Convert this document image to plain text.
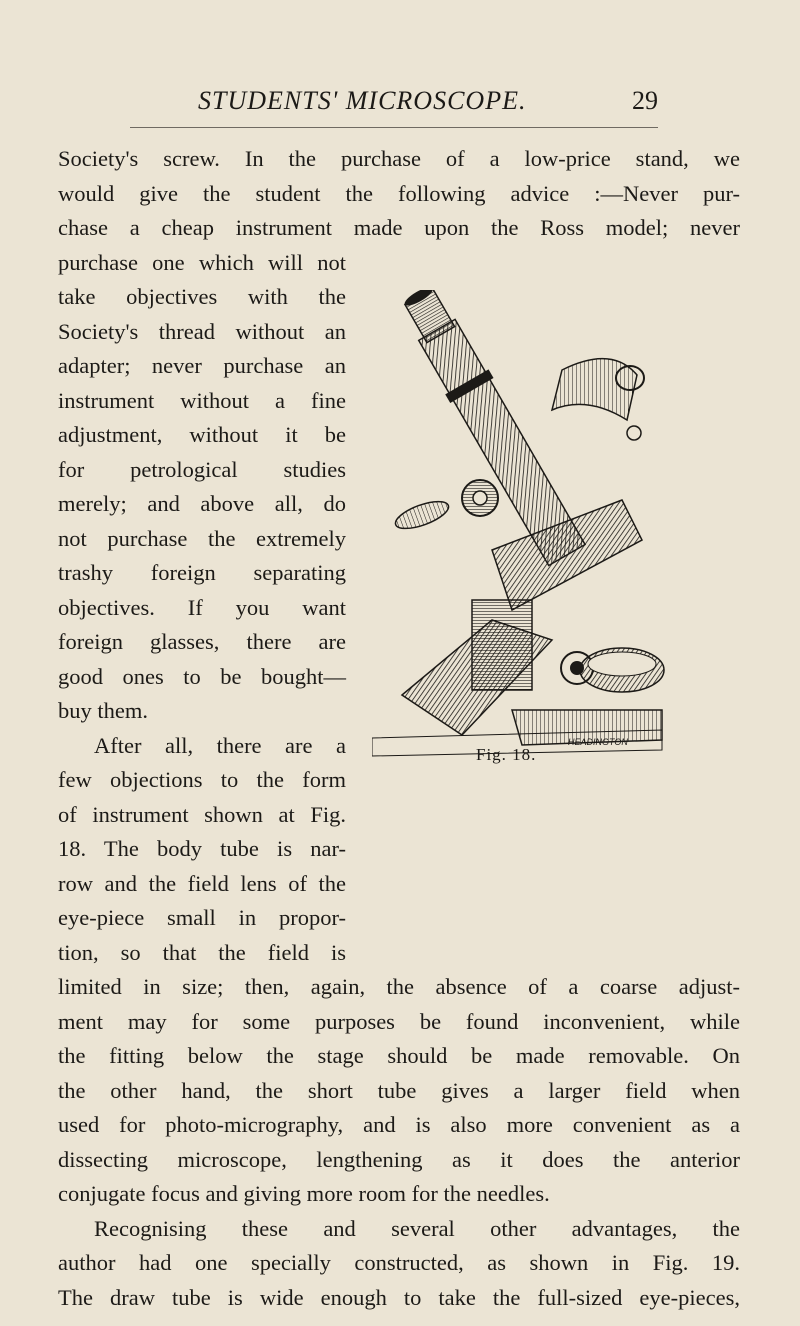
STUDENTS' MICROSCOPE.	29
Society's screw. In the purchase of a low-price stand, we
would give the student the following advice :—Never pur-
chase a cheap instrument made upon the Ross model; never
purchase one which will not
take objectives with the
Society's thread without an
adapter; never purchase an
instrument without a fine
adjustment, without it be
for petrological studies
merely; and above all, do
not purchase the extremely
trashy foreign separating
objectives. If you want
foreign glasses, there are
good ones to be bought—
buy them.
After all, there are a
few objections to the form
of instrument shown at Fig.
18. The body tube is nar-
row and the field lens of the
eye-piece small in propor-
tion, so that the field is
limited in size; then, again, the absence of a coarse adjust-
ment may for some purposes be found inconvenient, while
the fitting below the stage should be made removable. On
the other hand, the short tube gives a larger field when
used for photo-micrography, and is also more convenient as a
dissecting microscope, lengthening as it does the anterior
conjugate focus and giving more room for the needles.
Recognising these and several other advantages, the
author had one specially constructed, as shown in Fig. 19.
The draw tube is wide enough to take the full-sized eye-pieces,
HEADINGTON
Fig. 18.
